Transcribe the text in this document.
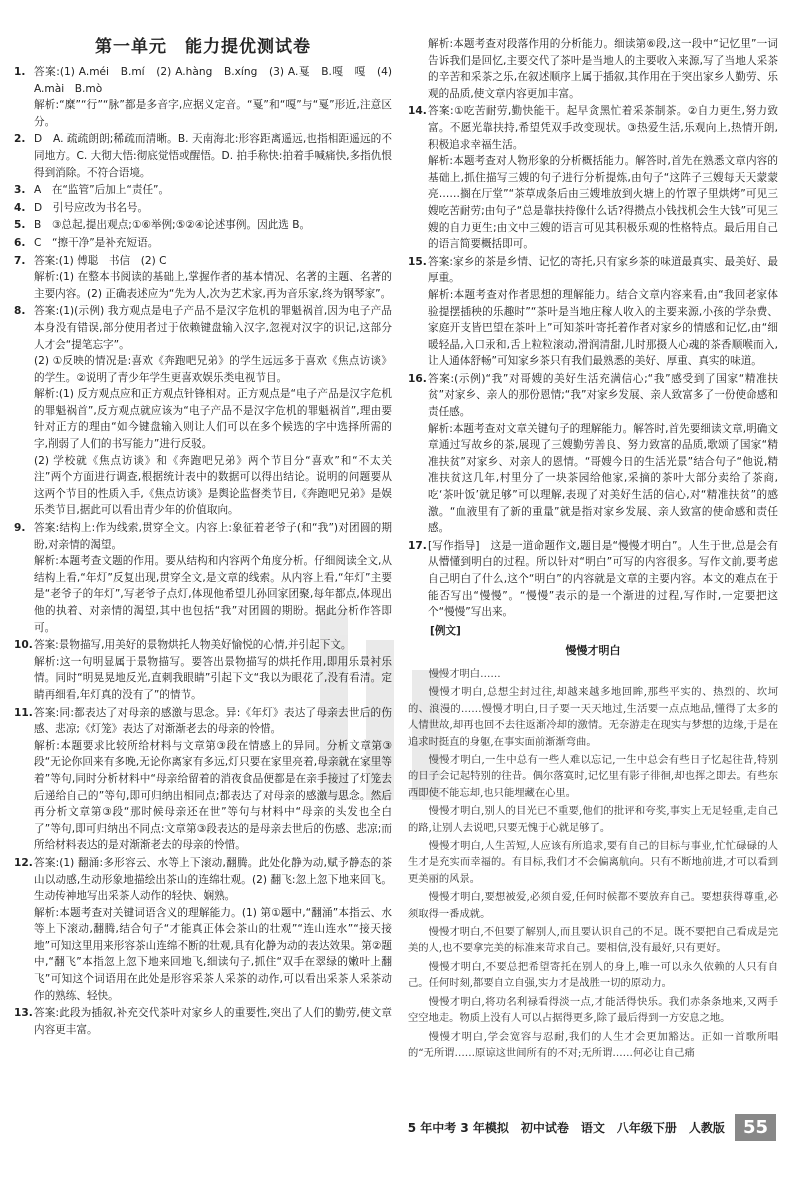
第一单元　能力提优测试卷
1. 答案:(1) A.méi　B.mí　(2) A.hàng　B.xíng　(3) A.戛　B.嘎　嘎　(4) A.mài　B.mò

解析:“糜”“行”“脉”都是多音字,应据义定音。“戛”和“嘎”与“戛”形近,注意区分。

2. D　A. 疏疏朗朗;稀疏而清晰。B. 天南海北:形容距离遥远,也指相距遥远的不同地方。C. 大彻大悟:彻底觉悟或醒悟。D. 拍手称快:拍着手喊痛快,多指仇恨得到消除。不符合语境。

3. A　在“监管”后加上“责任”。

4. D　引号应改为书名号。

5. B　③总起,提出观点;①⑥举例;⑤②④论述事例。因此选 B。

6. C　“擦干净”是补充短语。

7. 答案:(1) 傅聪　书信　(2) C

解析:(1) 在整本书阅读的基础上,掌握作者的基本情况、名著的主题、名著的主要内容。(2) 正确表述应为“先为人,次为艺术家,再为音乐家,终为钢琴家”。

8. 答案:(1)(示例) 我方观点是电子产品不是汉字危机的罪魁祸首,因为电子产品本身没有错误,部分使用者过于依赖键盘输入汉字,忽视对汉字的识记,这部分人才会“提笔忘字”。

(2) ①反映的情况是:喜欢《奔跑吧兄弟》的学生远远多于喜欢《焦点访谈》的学生。②说明了青少年学生更喜欢娱乐类电视节目。

解析:(1) 反方观点应和正方观点针锋相对。正方观点是“电子产品是汉字危机的罪魁祸首”,反方观点就应该为“电子产品不是汉字危机的罪魁祸首”,理由要针对正方的理由“如今键盘输入则让人们可以在多个候选的字中选择所需的字,削弱了人们的书写能力”进行反驳。

(2) 学校就《焦点访谈》和《奔跑吧兄弟》两个节目分“喜欢”和“不太关注”两个方面进行调查,根据统计表中的数据可以得出结论。说明的问题要从这两个节目的性质入手,《焦点访谈》是舆论监督类节目,《奔跑吧兄弟》是娱乐类节目,据此可以看出青少年的价值取向。

9. 答案:结构上:作为线索,贯穿全文。内容上:象征着老爷子(和“我”)对团圆的期盼,对亲情的渴望。

解析:本题考查文题的作用。要从结构和内容两个角度分析。仔细阅读全文,从结构上看,“年灯”反复出现,贯穿全文,是文章的线索。从内容上看,“年灯”主要是“老爷子的年灯”,写老爷子点灯,体现他希望儿孙回家团聚,每年都点,体现出他的执着、对亲情的渴望,其中也包括“我”对团圆的期盼。据此分析作答即可。

10. 答案:景物描写,用美好的景物烘托人物美好愉悦的心情,并引起下文。

解析:这一句明显属于景物描写。要答出景物描写的烘托作用,即用乐景衬乐情。同时“明晃晃地反光,直刺我眼睛”引起下文“我以为眼花了,没有看清。定睛再细看,年灯真的没有了”的情节。

11. 答案:同:都表达了对母亲的感激与思念。异:《年灯》表达了母亲去世后的伤感、悲凉;《灯笼》表达了对渐渐老去的母亲的怜惜。

解析:本题要求比较所给材料与文章第③段在情感上的异同。分析文章第③段“无论你回来有多晚,无论你离家有多远,灯只要在家里亮着,母亲就在家里等着”等句,同时分析材料中“母亲给留着的消夜食品便都是在亲手接过了灯笼去后递给自己的”等句,即可归纳出相同点;都表达了对母亲的感激与思念。然后再分析文章第③段“那时候母亲还在世”等句与材料中“母亲的头发也全白了”等句,即可归纳出不同点:文章第③段表达的是母亲去世后的伤感、悲凉;而所给材料表达的是对渐渐老去的母亲的怜惜。

12. 答案:(1) 翻涌:多形容云、水等上下滚动,翻腾。此处化静为动,赋予静态的茶山以动感,生动形象地描绘出茶山的连绵壮观。(2) 翻飞:忽上忽下地来回飞。生动传神地写出采茶人动作的轻快、娴熟。

解析:本题考查对关键词语含义的理解能力。(1) 第①题中,“翻涌”本指云、水等上下滚动,翻腾,结合句子“才能真正体会茶山的壮观”“连山连水”“接天接地”可知这里用来形容茶山连绵不断的壮观,具有化静为动的表达效果。第②题中,“翻飞”本指忽上忽下地来回地飞,细读句子,抓住“双手在翠绿的嫩叶上翻飞”可知这个词语用在此处是形容采茶人采茶的动作,可以看出采茶人采茶动作的熟练、轻快。

13. 答案:此段为插叙,补充交代茶叶对家乡人的重要性,突出了人们的勤劳,使文章内容更丰富。

解析:本题考查对段落作用的分析能力。细读第⑥段,这一段中“记忆里”一词告诉我们是回忆,主要交代了茶叶是当地人的主要收入来源,写了当地人采茶的辛苦和采茶之乐,在叙述顺序上属于插叙,其作用在于突出家乡人勤劳、乐观的品质,使文章内容更加丰富。

14. 答案:①吃苦耐劳,勤快能干。起早贪黑忙着采茶制茶。②自力更生,努力致富。不愿光靠扶持,希望凭双手改变现状。③热爱生活,乐观向上,热情开朗,积极追求幸福生活。

解析:本题考查对人物形象的分析概括能力。解答时,首先在熟悉文章内容的基础上,抓住描写三嫂的句子进行分析提炼,由句子“这阵子三嫂每天天蒙蒙亮……搁在厅堂”“茶草成条后由三嫂堆放到火塘上的竹罩子里烘烤”可见三嫂吃苦耐劳;由句子“总是靠扶持像什么话?得攒点小钱找机会生大钱”可见三嫂的自力更生;由文中三嫂的语言可见其积极乐观的性格特点。最后用自己的语言简要概括即可。

15. 答案:家乡的茶是乡情、记忆的寄托,只有家乡茶的味道最真实、最美好、最厚重。

解析:本题考查对作者思想的理解能力。结合文章内容来看,由“我回老家体验提摆插秧的乐趣时”“茶叶是当地庄稼人收入的主要来源,小孩的学杂费、家庭开支皆巴望在茶叶上”可知茶叶寄托着作者对家乡的情感和记忆,由“细暖轻晶,入口汞和,舌上粒粒滚动,滑润清甜,儿时那摄人心魂的茶香顺喉而入,让人通体舒畅”可知家乡茶只有我们最熟悉的美好、厚重、真实的味道。

16. 答案:(示例)“我”对哥嫂的美好生活充满信心;“我”感受到了国家“精准扶贫”对家乡、亲人的那份恩情;“我”对家乡发展、亲人致富多了一份使命感和责任感。

解析:本题考查对文章关键句子的理解能力。解答时,首先要细读文章,明确文章通过写故乡的茶,展现了三嫂勤劳善良、努力致富的品质,歌颂了国家“精准扶贫”对家乡、对亲人的恩情。“哥嫂今日的生活光景”结合句子“他说,精准扶贫这几年,村里分了一块茶园给他家,采摘的茶叶大部分卖给了茶商,吃‘茶叶饭’就足够”可以理解,表现了对美好生活的信心,对“精准扶贫”的感激。“血液里有了新的重量”就是指对家乡发展、亲人致富的使命感和责任感。

17. [写作指导]　这是一道命题作文,题目是“慢慢才明白”。人生于世,总是会有从懵懂到明白的过程。所以针对“明白”可写的内容很多。写作文前,要考虑自己明白了什么,这个“明白”的内容就是文章的主要内容。本文的难点在于能否写出“慢慢”。“慢慢”表示的是一个渐进的过程,写作时,一定要把这个“慢慢”写出来。

[例文]
慢慢才明白

慢慢才明白……

慢慢才明白,总想尘封过往,却越来越多地回眸,那些平实的、热烈的、坎坷的、浪漫的……慢慢才明白,日子要一天天地过,生活要一点点地品,懂得了太多的人情世故,却再也回不去往返渐冷却的激情。无奈游走在现实与梦想的边缘,于是在追求时挺直的身躯,在事实面前渐渐弯曲。

慢慢才明白,一生中总有一些人难以忘记,一生中总会有些日子忆起往昔,特别的日子会记起特别的往昔。偶尔落寞时,记忆里有影子徘徊,却也挥之即去。有些东西即使不能忘却,也只能埋藏在心里。

慢慢才明白,别人的目光已不重要,他们的批评和夸奖,事实上无足轻重,走自己的路,让别人去说吧,只要无愧于心就足够了。

慢慢才明白,人生苦短,人应该有所追求,要有自己的目标与事业,忙忙碌碌的人生才是充实而幸福的。有目标,我们才不会偏离航向。只有不断地前进,才可以看到更美丽的风景。

慢慢才明白,要想被爱,必须自爱,任何时候都不要放弃自己。要想获得尊重,必须取得一番成就。

慢慢才明白,不但要了解别人,而且要认识自己的不足。既不要把自己看成是完美的人,也不要拿完美的标准来苛求自己。要相信,没有最好,只有更好。

慢慢才明白,不要总把希望寄托在别人的身上,唯一可以永久依赖的人只有自己。任何时刻,都要自立自强,实力才是战胜一切的原动力。

慢慢才明白,将功名利禄看得淡一点,才能活得快乐。我们赤条条地来,又两手空空地走。物质上没有人可以占据得更多,除了最后得到一方安息之地。

慢慢才明白,学会宽容与忍耐,我们的人生才会更加豁达。正如一首歌所唱的“无所谓……原谅这世间所有的不对;无所谓……何必让自己痛

5 年中考 3 年模拟　初中试卷　语文　八年级下册　人教版	55
